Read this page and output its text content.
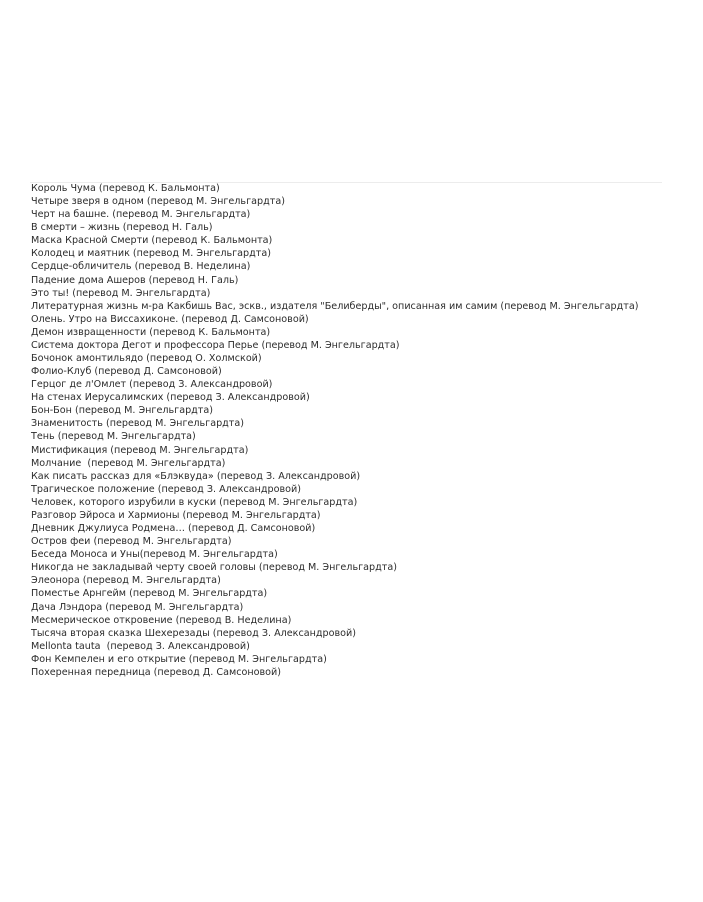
Король Чума (перевод К. Бальмонта)
Четыре зверя в одном (перевод М. Энгельгардта)
Черт на башне. (перевод М. Энгельгардта)
В смерти – жизнь (перевод Н. Галь)
Маска Красной Смерти (перевод К. Бальмонта)
Колодец и маятник (перевод М. Энгельгардта)
Сердце-обличитель (перевод В. Неделина)
Падение дома Ашеров (перевод Н. Галь)
Это ты! (перевод М. Энгельгардта)
Литературная жизнь м-ра Какбишь Вас, эскв., издателя "Белиберды", описанная им самим (перевод М. Энгельгардта)
Олень. Утро на Виссахиконе. (перевод Д. Самсоновой)
Демон извращенности (перевод К. Бальмонта)
Система доктора Дегот и профессора Перье (перевод М. Энгельгардта)
Бочонок амонтильядо (перевод О. Холмской)
Фолио-Клуб (перевод Д. Самсоновой)
Герцог де л'Омлет (перевод З. Александровой)
На стенах Иерусалимских (перевод З. Александровой)
Бон-Бон (перевод М. Энгельгардта)
Знаменитость (перевод М. Энгельгардта)
Тень (перевод М. Энгельгардта)
Мистификация (перевод М. Энгельгардта)
Молчание  (перевод М. Энгельгардта)
Как писать рассказ для «Блэквуда» (перевод З. Александровой)
Трагическое положение (перевод З. Александровой)
Человек, которого изрубили в куски (перевод М. Энгельгардта)
Разговор Эйроса и Хармионы (перевод М. Энгельгардта)
Дневник Джулиуса Родмена… (перевод Д. Самсоновой)
Остров феи (перевод М. Энгельгардта)
Беседа Моноса и Уны(перевод М. Энгельгардта)
Никогда не закладывай черту своей головы (перевод М. Энгельгардта)
Элеонора (перевод М. Энгельгардта)
Поместье Арнгейм (перевод М. Энгельгардта)
Дача Лэндора (перевод М. Энгельгардта)
Месмерическое откровение (перевод В. Неделина)
Тысяча вторая сказка Шехерезады (перевод З. Александровой)
Mellonta tauta  (перевод З. Александровой)
Фон Кемпелен и его открытие (перевод М. Энгельгардта)
Похеренная передница (перевод Д. Самсоновой)
